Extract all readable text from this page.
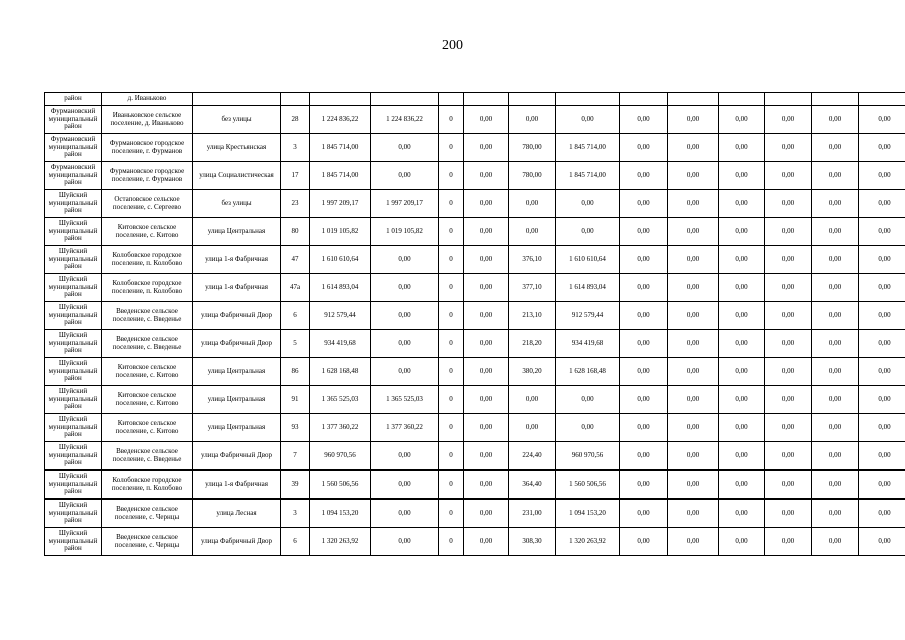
200
район	д. Иваньково														
Фурмановский муниципальный район	Иваньковское сельское поселение, д. Иваньково	без улицы	28	1 224 836,22	1 224 836,22	0	0,00	0,00	0,00	0,00	0,00	0,00	0,00	0,00	0,00
Фурмановский муниципальный район	Фурмановское городское поселение, г. Фурманов	улица Крестьянская	3	1 845 714,00	0,00	0	0,00	780,00	1 845 714,00	0,00	0,00	0,00	0,00	0,00	0,00
Фурмановский муниципальный район	Фурмановское городское поселение, г. Фурманов	улица Социалистическая	17	1 845 714,00	0,00	0	0,00	780,00	1 845 714,00	0,00	0,00	0,00	0,00	0,00	0,00
Шуйский муниципальный район	Остаповское сельское поселение, с. Сергеево	без улицы	23	1 997 209,17	1 997 209,17	0	0,00	0,00	0,00	0,00	0,00	0,00	0,00	0,00	0,00
Шуйский муниципальный район	Китовское сельское поселение, с. Китово	улица Центральная	80	1 019 105,82	1 019 105,82	0	0,00	0,00	0,00	0,00	0,00	0,00	0,00	0,00	0,00
Шуйский муниципальный район	Колобовское городское поселение, п. Колобово	улица 1-я Фабричная	47	1 610 610,64	0,00	0	0,00	376,10	1 610 610,64	0,00	0,00	0,00	0,00	0,00	0,00
Шуйский муниципальный район	Колобовское городское поселение, п. Колобово	улица 1-я Фабричная	47а	1 614 893,04	0,00	0	0,00	377,10	1 614 893,04	0,00	0,00	0,00	0,00	0,00	0,00
Шуйский муниципальный район	Введенское сельское поселение, с. Введенье	улица Фабричный Двор	6	912 579,44	0,00	0	0,00	213,10	912 579,44	0,00	0,00	0,00	0,00	0,00	0,00
Шуйский муниципальный район	Введенское сельское поселение, с. Введенье	улица Фабричный Двор	5	934 419,68	0,00	0	0,00	218,20	934 419,68	0,00	0,00	0,00	0,00	0,00	0,00
Шуйский муниципальный район	Китовское сельское поселение, с. Китово	улица Центральная	86	1 628 168,48	0,00	0	0,00	380,20	1 628 168,48	0,00	0,00	0,00	0,00	0,00	0,00
Шуйский муниципальный район	Китовское сельское поселение, с. Китово	улица Центральная	91	1 365 525,03	1 365 525,03	0	0,00	0,00	0,00	0,00	0,00	0,00	0,00	0,00	0,00
Шуйский муниципальный район	Китовское сельское поселение, с. Китово	улица Центральная	93	1 377 360,22	1 377 360,22	0	0,00	0,00	0,00	0,00	0,00	0,00	0,00	0,00	0,00
Шуйский муниципальный район	Введенское сельское поселение, с. Введенье	улица Фабричный Двор	7	960 970,56	0,00	0	0,00	224,40	960 970,56	0,00	0,00	0,00	0,00	0,00	0,00
Шуйский муниципальный район	Колобовское городское поселение, п. Колобово	улица 1-я Фабричная	39	1 560 506,56	0,00	0	0,00	364,40	1 560 506,56	0,00	0,00	0,00	0,00	0,00	0,00
Шуйский муниципальный район	Введенское сельское поселение, с. Чернцы	улица Лесная	3	1 094 153,20	0,00	0	0,00	231,00	1 094 153,20	0,00	0,00	0,00	0,00	0,00	0,00
Шуйский муниципальный район	Введенское сельское поселение, с. Чернцы	улица Фабричный Двор	6	1 320 263,92	0,00	0	0,00	308,30	1 320 263,92	0,00	0,00	0,00	0,00	0,00	0,00
